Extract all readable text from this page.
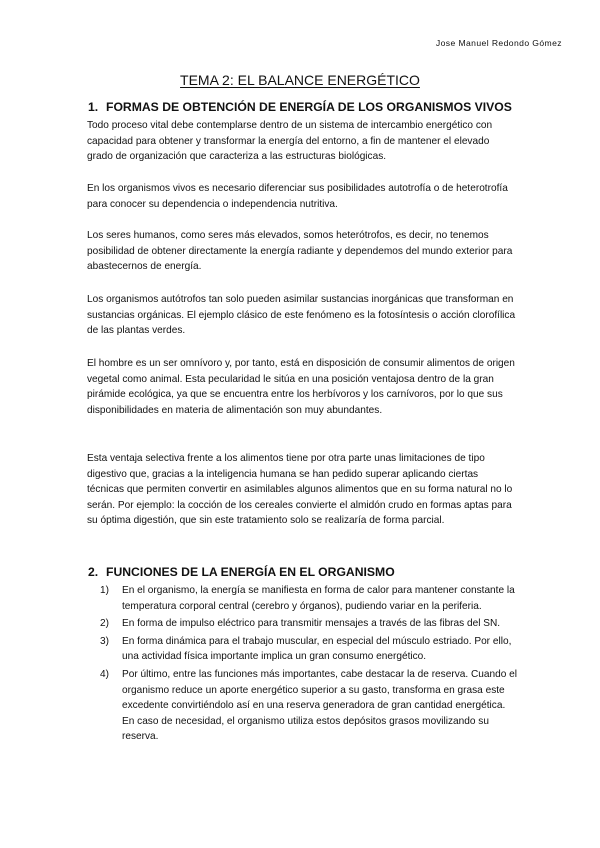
Jose Manuel Redondo Gómez
TEMA 2: EL BALANCE ENERGÉTICO
1. FORMAS DE OBTENCIÓN DE ENERGÍA DE LOS ORGANISMOS VIVOS

Todo proceso vital debe contemplarse dentro de un sistema de intercambio energético con capacidad para obtener y transformar la energía del entorno, a fin de mantener el elevado grado de organización que caracteriza a las estructuras biológicas.

En los organismos vivos es necesario diferenciar sus posibilidades autotrofía o de heterotrofía para conocer su dependencia o independencia nutritiva.

Los seres humanos, como seres más elevados, somos heterótrofos, es decir, no tenemos posibilidad de obtener directamente la energía radiante y dependemos del mundo exterior para abastecernos de energía.

Los organismos autótrofos tan solo pueden asimilar sustancias inorgánicas que transforman en sustancias orgánicas. El ejemplo clásico de este fenómeno es la fotosíntesis o acción clorofílica de las plantas verdes.

El hombre es un ser omnívoro y, por tanto, está en disposición de consumir alimentos de origen vegetal como animal. Esta pecularidad le sitúa en una posición ventajosa dentro de la gran pirámide ecológica, ya que se encuentra entre los herbívoros y los carnívoros, por lo que sus disponibilidades en materia de alimentación son muy abundantes.

Esta ventaja selectiva frente a los alimentos tiene por otra parte unas limitaciones de tipo digestivo que, gracias a la inteligencia humana se han pedido superar aplicando ciertas técnicas que permiten convertir en asimilables algunos alimentos que en su forma natural no lo serán. Por ejemplo: la cocción de los cereales convierte el almidón crudo en formas aptas para su óptima digestión, que sin este tratamiento solo se realizaría de forma parcial.

2. FUNCIONES DE LA ENERGÍA EN EL ORGANISMO
1) En el organismo, la energía se manifiesta en forma de calor para mantener constante la temperatura corporal central (cerebro y órganos), pudiendo variar en la periferia.
2) En forma de impulso eléctrico para transmitir mensajes a través de las fibras del SN.
3) En forma dinámica para el trabajo muscular, en especial del músculo estriado. Por ello, una actividad física importante implica un gran consumo energético.
4) Por último, entre las funciones más importantes, cabe destacar la de reserva. Cuando el organismo reduce un aporte energético superior a su gasto, transforma en grasa este excedente convirtiéndolo así en una reserva generadora de gran cantidad energética. En caso de necesidad, el organismo utiliza estos depósitos grasos movilizando su reserva.
